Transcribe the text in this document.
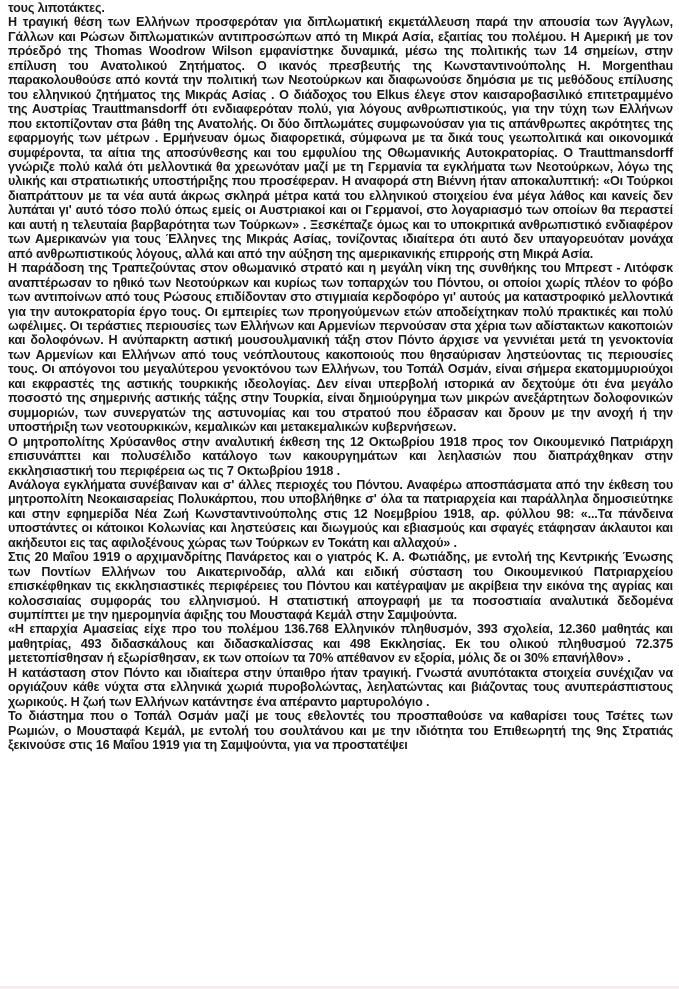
τους λιποτάκτες.

Η τραγική θέση των Ελλήνων προσφερόταν για διπλωματική εκμετάλλευση παρά την απουσία των Άγγλων, Γάλλων και Ρώσων διπλωματικών αντιπροσώπων από τη Μικρά Ασία, εξαιτίας του πολέμου. Η Αμερική με τον πρόεδρό της Thomas Woodrow Wilson εμφανίστηκε δυναμικά, μέσω της πολιτικής των 14 σημείων, στην επίλυση του Ανατολικού Ζητήματος. Ο ικανός πρεσβευτής της Κωνσταντινούπολης H. Morgenthau παρακολουθούσε από κοντά την πολιτική των Νεοτούρκων και διαφωνούσε δημόσια με τις μεθόδους επίλυσης του ελληνικού ζητήματος της Μικράς Ασίας . Ο διάδοχος του Elkus έλεγε στον καισαροβασιλικό επιτετραμμένο της Αυστρίας Trauttmansdorff ότι ενδιαφερόταν πολύ, για λόγους ανθρωπιστικούς, για την τύχη των Ελλήνων που εκτοπίζονταν στα βάθη της Ανατολής. Οι δύο διπλωμάτες συμφωνούσαν για τις απάνθρωπες ακρότητες της εφαρμογής των μέτρων . Ερμήνευαν όμως διαφορετικά, σύμφωνα με τα δικά τους γεωπολιτικά και οικονομικά συμφέροντα, τα αίτια της αποσύνθεσης και του εμφυλίου της Οθωμανικής Αυτοκρατορίας. Ο Trauttmansdorff γνώριζε πολύ καλά ότι μελλοντικά θα χρεωνόταν μαζί με τη Γερμανία τα εγκλήματα των Νεοτούρκων, λόγω της υλικής και στρατιωτικής υποστήριξης που προσέφεραν. Η αναφορά στη Βιέννη ήταν αποκαλυπτική: «Οι Τούρκοι διαπράττουν με τα νέα αυτά άκρως σκληρά μέτρα κατά του ελληνικού στοιχείου ένα μέγα λάθος και κανείς δεν λυπάται γι' αυτό τόσο πολύ όπως εμείς οι Αυστριακοί και οι Γερμανοί, στο λογαριασμό των οποίων θα περαστεί και αυτή η τελευταία βαρβαρότητα των Τούρκων» . Ξεσκέπαζε όμως και το υποκριτικά ανθρωπιστικό ενδιαφέρον των Αμερικανών για τους Έλληνες της Μικράς Ασίας, τονίζοντας ιδιαίτερα ότι αυτό δεν υπαγορευόταν μονάχα από ανθρωπιστικούς λόγους, αλλά και από την αύξηση της αμερικανικής επιρροής στη Μικρά Ασία.

Η παράδοση της Τραπεζούντας στον οθωμανικό στρατό και η μεγάλη νίκη της συνθήκης του Μπρεστ - Λιτόφσκ αναπτέρωσαν το ηθικό των Νεοτούρκων και κυρίως των τοπαρχών του Πόντου, οι οποίοι χωρίς πλέον το φόβο των αντιποίνων από τους Ρώσους επιδίδονταν στο στιγμιαία κερδοφόρο γι' αυτούς μα καταστροφικό μελλοντικά για την αυτοκρατορία έργο τους. Οι εμπειρίες των προηγούμενων ετών αποδείχτηκαν πολύ πρακτικές και πολύ ωφέλιμες. Οι τεράστιες περιουσίες των Ελλήνων και Αρμενίων περνούσαν στα χέρια των αδίστακτων κακοποιών και δολοφόνων. Η ανύπαρκτη αστική μουσουλμανική τάξη στον Πόντο άρχισε να γεννιέται μετά τη γενοκτονία των Αρμενίων και Ελλήνων από τους νεόπλουτους κακοποιούς που θησαύρισαν ληστεύοντας τις περιουσίες τους. Οι απόγονοι του μεγαλύτερου γενοκτόνου των Ελλήνων, του Τοπάλ Οσμάν, είναι σήμερα εκατομμυριούχοι και εκφραστές της αστικής τουρκικής ιδεολογίας. Δεν είναι υπερβολή ιστορικά αν δεχτούμε ότι ένα μεγάλο ποσοστό της σημερινής αστικής τάξης στην Τουρκία, είναι δημιούργημα των μικρών ανεξάρτητων δολοφονικών συμμοριών, των συνεργατών της αστυνομίας και του στρατού που έδρασαν και δρουν με την ανοχή ή την υποστήριξη των νεοτουρκικών, κεμαλικών και μετακεμαλικών κυβερνήσεων.

Ο μητροπολίτης Χρύσανθος στην αναλυτική έκθεση της 12 Οκτωβρίου 1918 προς τον Οικουμενικό Πατριάρχη επισυνάπτει και πολυσέλιδο κατάλογο των κακουργημάτων και λεηλασιών που διαπράχθηκαν στην εκκλησιαστική του περιφέρεια ως τις 7 Οκτωβρίου 1918 .

Ανάλογα εγκλήματα συνέβαιναν και σ' άλλες περιοχές του Πόντου. Αναφέρω αποσπάσματα από την έκθεση του μητροπολίτη Νεοκαισαρείας Πολυκάρπου, που υποβλήθηκε σ' όλα τα πατριαρχεία και παράλληλα δημοσιεύτηκε και στην εφημερίδα Νέα Ζωή Κωνσταντινούπολης στις 12 Νοεμβρίου 1918, αρ. φύλλου 98: «...Τα πάνδεινα υποστάντες οι κάτοικοι Κολωνίας και ληστεύσεις και διωγμούς και εβιασμούς και σφαγές ετάφησαν άκλαυτοι και ακήδευτοι εις τας αφιλοξένους χώρας των Τούρκων εν Τοκάτη και αλλαχού» .

Στις 20 Μαΐου 1919 ο αρχιμανδρίτης Πανάρετος και ο γιατρός Κ. Α. Φωτιάδης, με εντολή της Κεντρικής Ένωσης των Ποντίων Ελλήνων του Αικατερινοδάρ, αλλά και ειδική σύσταση του Οικουμενικού Πατριαρχείου επισκέφθηκαν τις εκκλησιαστικές περιφέρειες του Πόντου και κατέγραψαν με ακρίβεια την εικόνα της αγρίας και κολοσσιαίας συμφοράς του ελληνισμού. Η στατιστική απογραφή με τα ποσοστιαία αναλυτικά δεδομένα συμπίπτει με την ημερομηνία άφιξης του Μουσταφά Κεμάλ στην Σαμψούντα.

«Η επαρχία Αμασείας είχε προ του πολέμου 136.768 Ελληνικόν πληθυσμόν, 393 σχολεία, 12.360 μαθητάς και μαθητρίας, 493 διδασκάλους και διδασκαλίσσας και 498 Εκκλησίας. Εκ του ολικού πληθυσμού 72.375 μετετοπίσθησαν ή εξωρίσθησαν, εκ των οποίων τα 70% απέθανον εν εξορία, μόλις δε οι 30% επανήλθον» .

Η κατάσταση στον Πόντο και ιδιαίτερα στην ύπαιθρο ήταν τραγική. Γνωστά ανυπότακτα στοιχεία συνέχιζαν να οργιάζουν κάθε νύχτα στα ελληνικά χωριά πυροβολώντας, λεηλατώντας και βιάζοντας τους ανυπεράσπιστους χωρικούς. Η ζωή των Ελλήνων κατάντησε ένα απέραντο μαρτυρολόγιο .

Το διάστημα που ο Τοπάλ Οσμάν μαζί με τους εθελοντές του προσπαθούσε να καθαρίσει τους Τσέτες των Ρωμιών, ο Μουσταφά Κεμάλ, με εντολή του σουλτάνου και με την ιδιότητα του Επιθεωρητή της 9ης Στρατιάς ξεκινούσε στις 16 Μαΐου 1919 για τη Σαμψούντα, για να προστατέψει
